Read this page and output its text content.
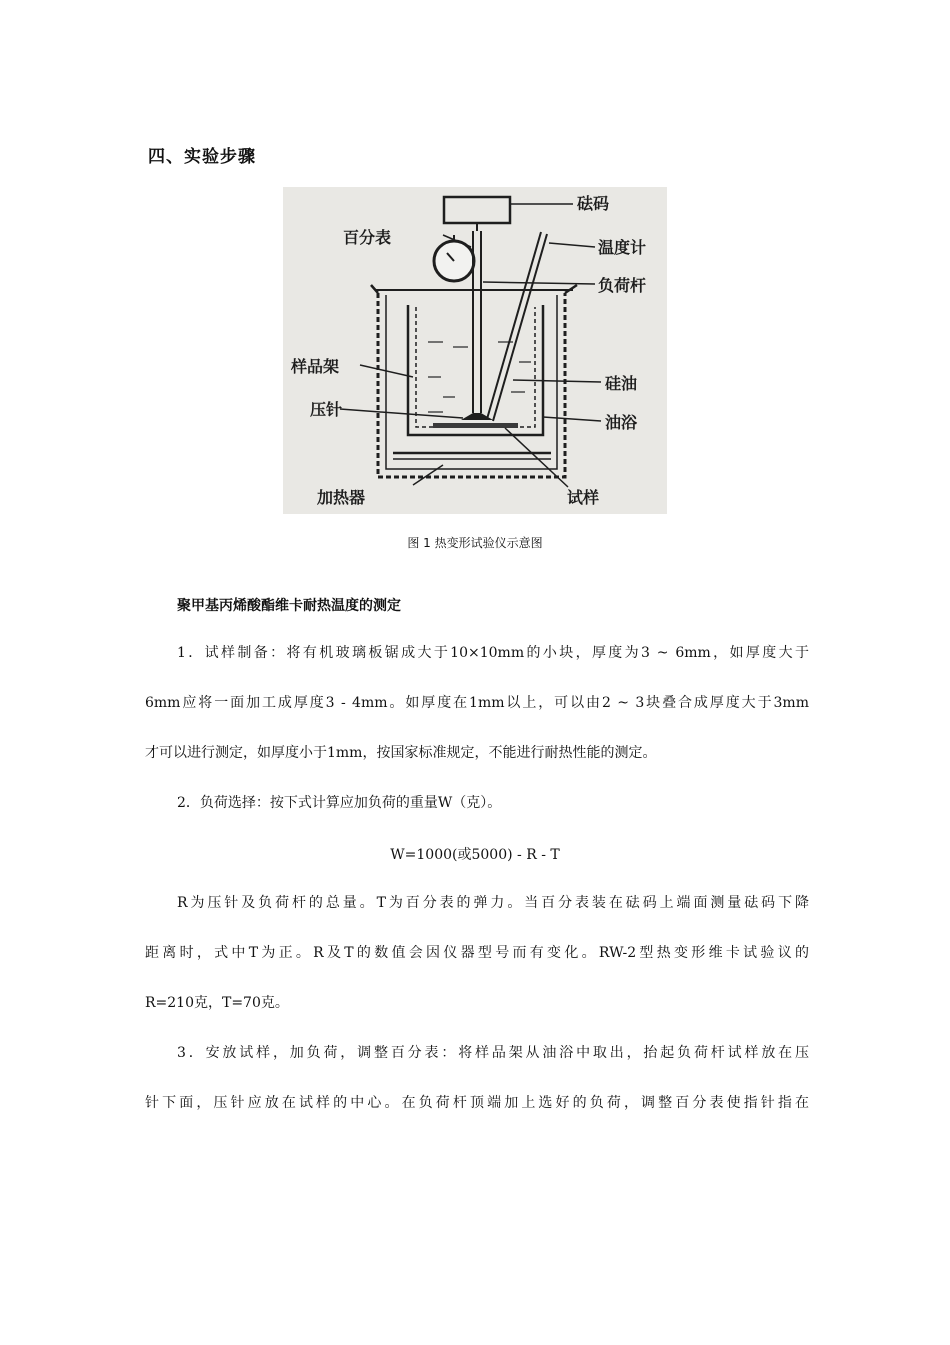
四、实验步骤
砝码
百分表
温度计
负荷杆
样品架
硅油
压针
油浴
加热器	试样
图 1 热变形试验仪示意图
聚甲基丙烯酸酯维卡耐热温度的测定
1．试样制备：将有机玻璃板锯成大于10×10mm的小块，厚度为3 ~ 6mm，如厚度大于
6mm应将一面加工成厚度3 - 4mm。如厚度在1mm以上，可以由2 ~ 3块叠合成厚度大于3mm
才可以进行测定，如厚度小于1mm，按国家标准规定，不能进行耐热性能的测定。
2．负荷选择：按下式计算应加负荷的重量W（克）。
W=1000(或5000) - R - T
R为压针及负荷杆的总量。T为百分表的弹力。当百分表装在砝码上端面测量砝码下降
距离时，式中T为正。R及T的数值会因仪器型号而有变化。RW-2型热变形维卡试验议的
R=210克，T=70克。
3．安放试样，加负荷，调整百分表：将样品架从油浴中取出，抬起负荷杆试样放在压
针下面，压针应放在试样的中心。在负荷杆顶端加上选好的负荷，调整百分表使指针指在
